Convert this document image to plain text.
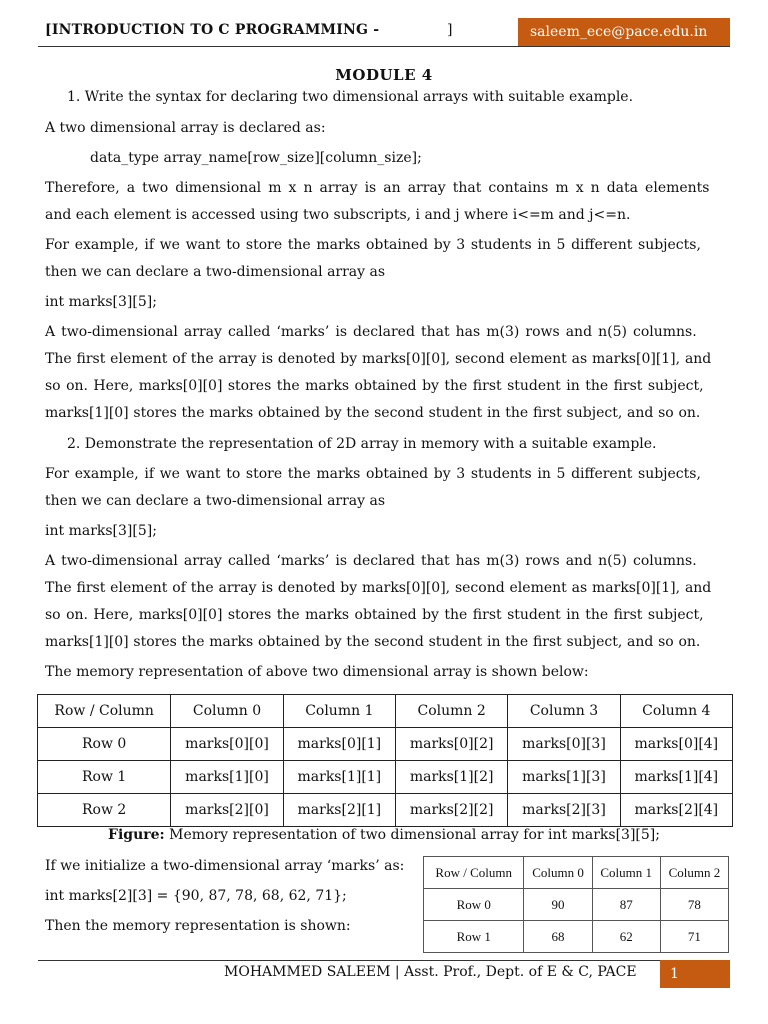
[INTRODUCTION TO C PROGRAMMING -	]	saleem_ece@pace.edu.in
MODULE 4
1. Write the syntax for declaring two dimensional arrays with suitable example.
A two dimensional array is declared as:
data_type array_name[row_size][column_size];
Therefore, a two dimensional m x n array is an array that contains m x n data elements
and each element is accessed using two subscripts, i and j where i<=m and j<=n.
For example, if we want to store the marks obtained by 3 students in 5 different subjects,
then we can declare a two-dimensional array as
int marks[3][5];
A two-dimensional array called ‘marks’ is declared that has m(3) rows and n(5) columns.
The first element of the array is denoted by marks[0][0], second element as marks[0][1], and
so on. Here, marks[0][0] stores the marks obtained by the first student in the first subject,
marks[1][0] stores the marks obtained by the second student in the first subject, and so on.
2. Demonstrate the representation of 2D array in memory with a suitable example.
For example, if we want to store the marks obtained by 3 students in 5 different subjects,
then we can declare a two-dimensional array as
int marks[3][5];
A two-dimensional array called ‘marks’ is declared that has m(3) rows and n(5) columns.
The first element of the array is denoted by marks[0][0], second element as marks[0][1], and
so on. Here, marks[0][0] stores the marks obtained by the first student in the first subject,
marks[1][0] stores the marks obtained by the second student in the first subject, and so on.
The memory representation of above two dimensional array is shown below:
Row / Column	Column 0	Column 1	Column 2	Column 3	Column 4
Row 0	marks[0][0]	marks[0][1]	marks[0][2]	marks[0][3]	marks[0][4]
Row 1	marks[1][0]	marks[1][1]	marks[1][2]	marks[1][3]	marks[1][4]
Row 2	marks[2][0]	marks[2][1]	marks[2][2]	marks[2][3]	marks[2][4]
Figure: Memory representation of two dimensional array for int marks[3][5];
If we initialize a two-dimensional array ‘marks’ as:
int marks[2][3] = {90, 87, 78, 68, 62, 71};
Then the memory representation is shown:
Row / Column	Column 0	Column 1	Column 2
Row 0	90	87	78
Row 1	68	62	71
MOHAMMED SALEEM | Asst. Prof., Dept. of E & C, PACE	1
